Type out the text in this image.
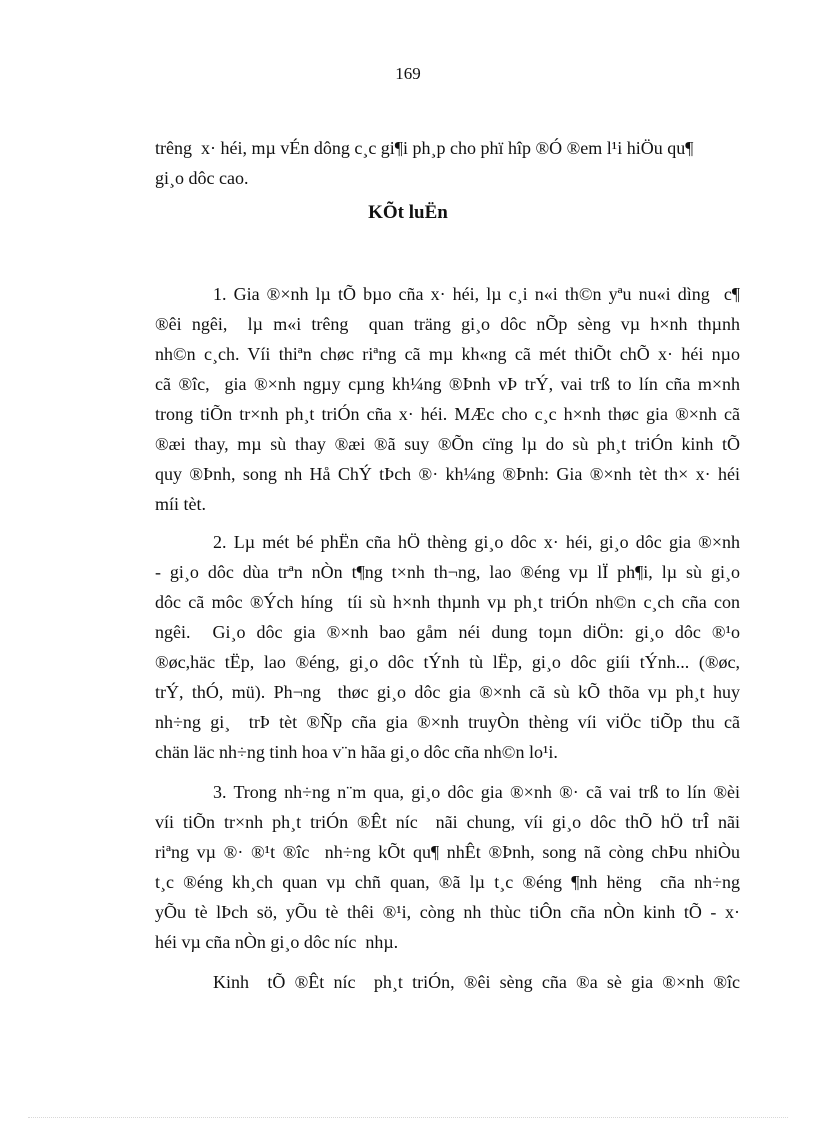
169
trêng  x· héi, mµ vÉn dông c¸c gi¶i ph¸p cho phï hîp ®Ó ®em l¹i hiÖu qu¶
gi¸o dôc cao.
KÕt luËn
1. Gia ®×nh lµ tÕ bµo cña x· héi, lµ c¸i n«i th©n yªu nu«i dìng  c¶
®êi ngêi,  lµ m«i trêng  quan träng gi¸o dôc nÕp sèng vµ h×nh thµnh
nh©n c¸ch. Víi thiªn chøc riªng cã mµ kh«ng cã mét thiÕt chÕ x· héi nµo
cã ®îc,  gia ®×nh ngµy cµng kh¼ng ®Þnh vÞ trÝ, vai trß to lín cña m×nh
trong tiÕn tr×nh ph¸t triÓn cña x· héi. MÆc cho c¸c h×nh thøc gia ®×nh cã
®æi thay, mµ sù thay ®æi ®ã suy ®Õn cïng lµ do sù ph¸t triÓn kinh tÕ
quy ®Þnh, song nh Hå ChÝ tÞch ®· kh¼ng ®Þnh: Gia ®×nh tèt th× x· héi
míi tèt.
2. Lµ mét bé phËn cña hÖ thèng gi¸o dôc x· héi, gi¸o dôc gia ®×nh
- gi¸o dôc dùa trªn nÒn t¶ng t×nh th¬ng, lao ®éng vµ lÏ ph¶i, lµ sù gi¸o
dôc cã môc ®Ých híng  tíi sù h×nh thµnh vµ ph¸t triÓn nh©n c¸ch cña con
ngêi.  Gi¸o dôc gia ®×nh bao gåm néi dung toµn diÖn: gi¸o dôc ®¹o
®øc,häc tËp, lao ®éng, gi¸o dôc tÝnh tù lËp, gi¸o dôc giíi tÝnh... (®øc,
trÝ, thÓ, mü). Ph¬ng  thøc gi¸o dôc gia ®×nh cã sù kÕ thõa vµ ph¸t huy
nh÷ng gi¸  trÞ tèt ®Ñp cña gia ®×nh truyÒn thèng víi viÖc tiÕp thu cã
chän läc nh÷ng tinh hoa v¨n hãa gi¸o dôc cña nh©n lo¹i.
3. Trong nh÷ng n¨m qua, gi¸o dôc gia ®×nh ®· cã vai trß to lín ®èi
víi tiÕn tr×nh ph¸t triÓn ®Êt níc  nãi chung, víi gi¸o dôc thÕ hÖ trÎ nãi
riªng vµ ®· ®¹t ®îc  nh÷ng kÕt qu¶ nhÊt ®Þnh, song nã còng chÞu nhiÒu
t¸c ®éng kh¸ch quan vµ chñ quan, ®ã lµ t¸c ®éng ¶nh hëng  cña nh÷ng
yÕu tè lÞch sö, yÕu tè thêi ®¹i, còng nh thùc tiÔn cña nÒn kinh tÕ - x·
héi vµ cña nÒn gi¸o dôc níc  nhµ.
Kinh  tÕ ®Êt níc  ph¸t triÓn, ®êi sèng cña ®a sè gia ®×nh ®îc
